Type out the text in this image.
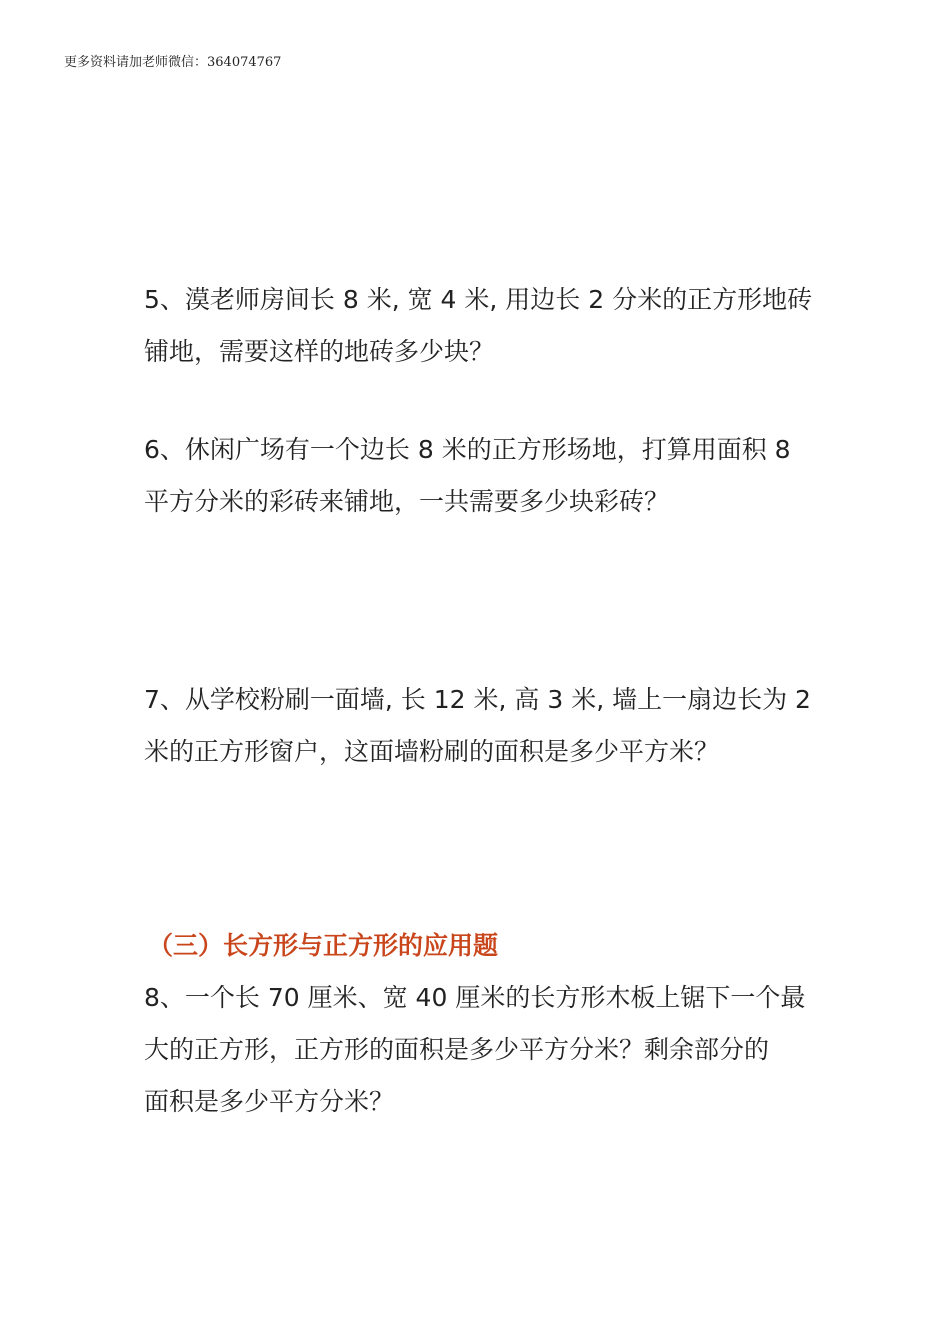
更多资料请加老师微信：364074767
5、漠老师房间长 8 米, 宽 4 米, 用边长 2 分米的正方形地砖
铺地，需要这样的地砖多少块？
6、休闲广场有一个边长 8 米的正方形场地，打算用面积 8
平方分米的彩砖来铺地，一共需要多少块彩砖？
7、从学校粉刷一面墙, 长 12 米, 高 3 米, 墙上一扇边长为 2
米的正方形窗户，这面墙粉刷的面积是多少平方米？
（三）长方形与正方形的应用题
8、一个长 70 厘米、宽 40 厘米的长方形木板上锯下一个最
大的正方形，正方形的面积是多少平方分米？剩余部分的
面积是多少平方分米？
